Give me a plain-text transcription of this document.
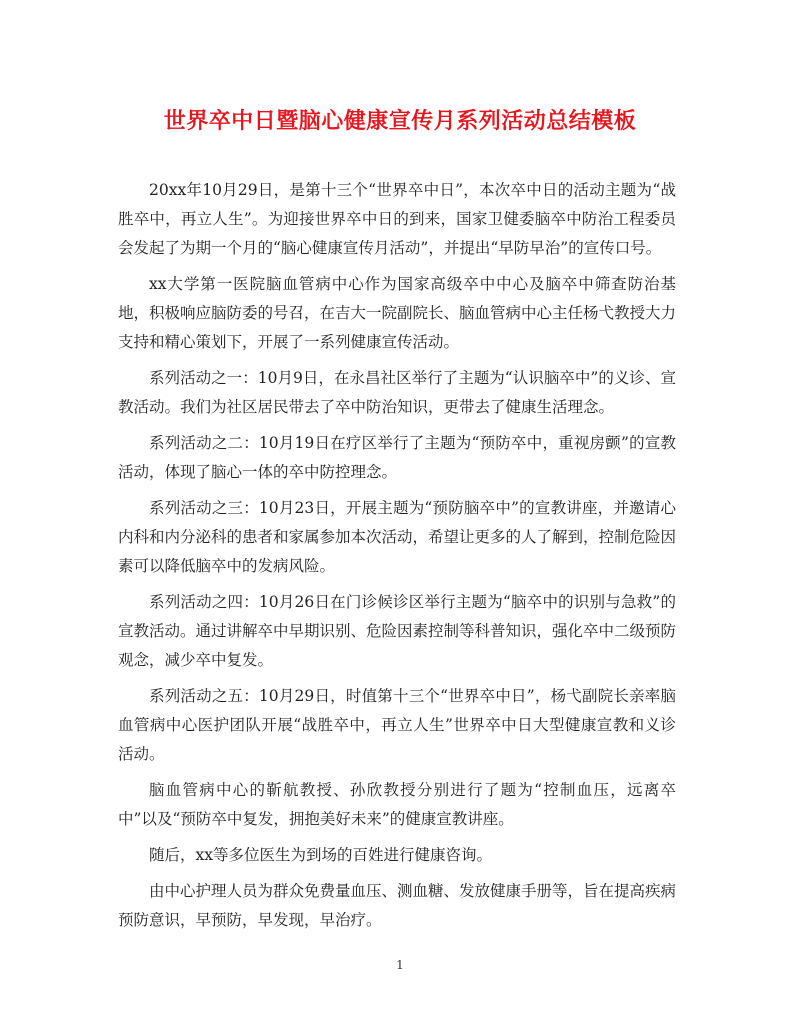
世界卒中日暨脑心健康宣传月系列活动总结模板

20xx年10月29日，是第十三个“世界卒中日”，本次卒中日的活动主题为“战胜卒中，再立人生”。为迎接世界卒中日的到来，国家卫健委脑卒中防治工程委员会发起了为期一个月的“脑心健康宣传月活动”，并提出“早防早治”的宣传口号。

xx大学第一医院脑血管病中心作为国家高级卒中中心及脑卒中筛查防治基地，积极响应脑防委的号召，在吉大一院副院长、脑血管病中心主任杨弋教授大力支持和精心策划下，开展了一系列健康宣传活动。

系列活动之一：10月9日，在永昌社区举行了主题为“认识脑卒中”的义诊、宣教活动。我们为社区居民带去了卒中防治知识，更带去了健康生活理念。

系列活动之二：10月19日在疗区举行了主题为“预防卒中，重视房颤”的宣教活动，体现了脑心一体的卒中防控理念。

系列活动之三：10月23日，开展主题为“预防脑卒中”的宣教讲座，并邀请心内科和内分泌科的患者和家属参加本次活动，希望让更多的人了解到，控制危险因素可以降低脑卒中的发病风险。

系列活动之四：10月26日在门诊候诊区举行主题为“脑卒中的识别与急救”的宣教活动。通过讲解卒中早期识别、危险因素控制等科普知识，强化卒中二级预防观念，减少卒中复发。

系列活动之五：10月29日，时值第十三个“世界卒中日”，杨弋副院长亲率脑血管病中心医护团队开展“战胜卒中，再立人生”世界卒中日大型健康宣教和义诊活动。

脑血管病中心的靳航教授、孙欣教授分别进行了题为“控制血压，远离卒中”以及“预防卒中复发，拥抱美好未来”的健康宣教讲座。

随后，xx等多位医生为到场的百姓进行健康咨询。

由中心护理人员为群众免费量血压、测血糖、发放健康手册等，旨在提高疾病预防意识，早预防，早发现，早治疗。

1
